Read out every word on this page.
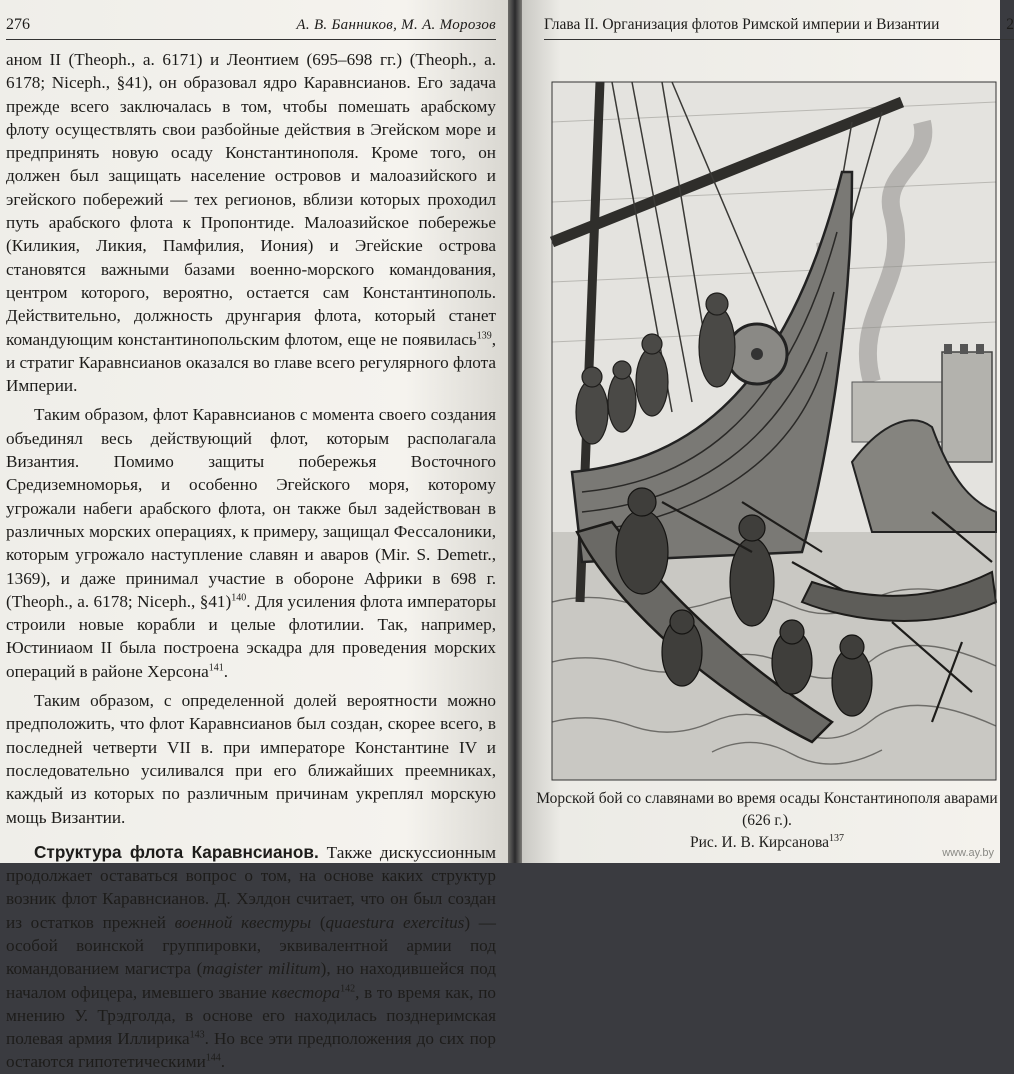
276	А. В. Банников, М. А. Морозов

аном II (Theoph., a. 6171) и Леонтием (695–698 гг.) (Theoph., a. 6178; Niceph., §41), он образовал ядро Каравнсианов. Его задача прежде всего заключалась в том, чтобы помешать арабскому флоту осуществлять свои разбойные действия в Эгейском море и предпринять новую осаду Константинополя. Кроме того, он должен был защищать население островов и малоазийского и эгейского побережий — тех регионов, вблизи которых проходил путь арабского флота к Пропонтиде. Малоазийское побережье (Киликия, Ликия, Памфилия, Иония) и Эгейские острова становятся важными базами военно-морского командования, центром которого, вероятно, остается сам Константинополь. Действительно, должность друнгария флота, который станет командующим константинопольским флотом, еще не появилась$^{139}$, и стратиг Каравнсианов оказался во главе всего регулярного флота Империи.

Таким образом, флот Каравнсианов с момента своего создания объединял весь действующий флот, которым располагала Византия. Помимо защиты побережья Восточного Средиземноморья, и особенно Эгейского моря, которому угрожали набеги арабского флота, он также был задействован в различных морских операциях, к примеру, защищал Фессалоники, которым угрожало наступление славян и аваров (Mir. S. Demetr., 1369), и даже принимал участие в обороне Африки в 698 г. (Theoph., a. 6178; Niceph., §41)$^{140}$. Для усиления флота императоры строили новые корабли и целые флотилии. Так, например, Юстиниаом II была построена эскадра для проведения морских операций в районе Херсона$^{141}$.

Таким образом, с определенной долей вероятности можно предположить, что флот Каравнсианов был создан, скорее всего, в последней четверти VII в. при императоре Константине IV и последовательно усиливался при его ближайших преемниках, каждый из которых по различным причинам укреплял морскую мощь Византии.

Структура флота Каравнсианов. Также дискуссионным продолжает оставаться вопрос о том, на основе каких структур возник флот Каравнсианов. Д. Хэлдон считает, что он был создан из остатков прежней военной квестуры (quaestura exercitus) — особой воинской группировки, эквивалентной армии под командованием магистра (magister militum), но находившейся под началом офицера, имевшего звание квестора$^{142}$, в то время как, по мнению У. Трэдголда, в основе его находилась позднеримская полевая армия Иллирика$^{143}$. Но все эти предположения до сих пор остаются гипотетическими$^{144}$.

Глава II. Организация флотов Римской империи и Византии	2
Морской бой со славянами во время осады Константинополя аварами (626 г.).
Рис. И. В. Кирсанова$^{137}$
www.ay.by
